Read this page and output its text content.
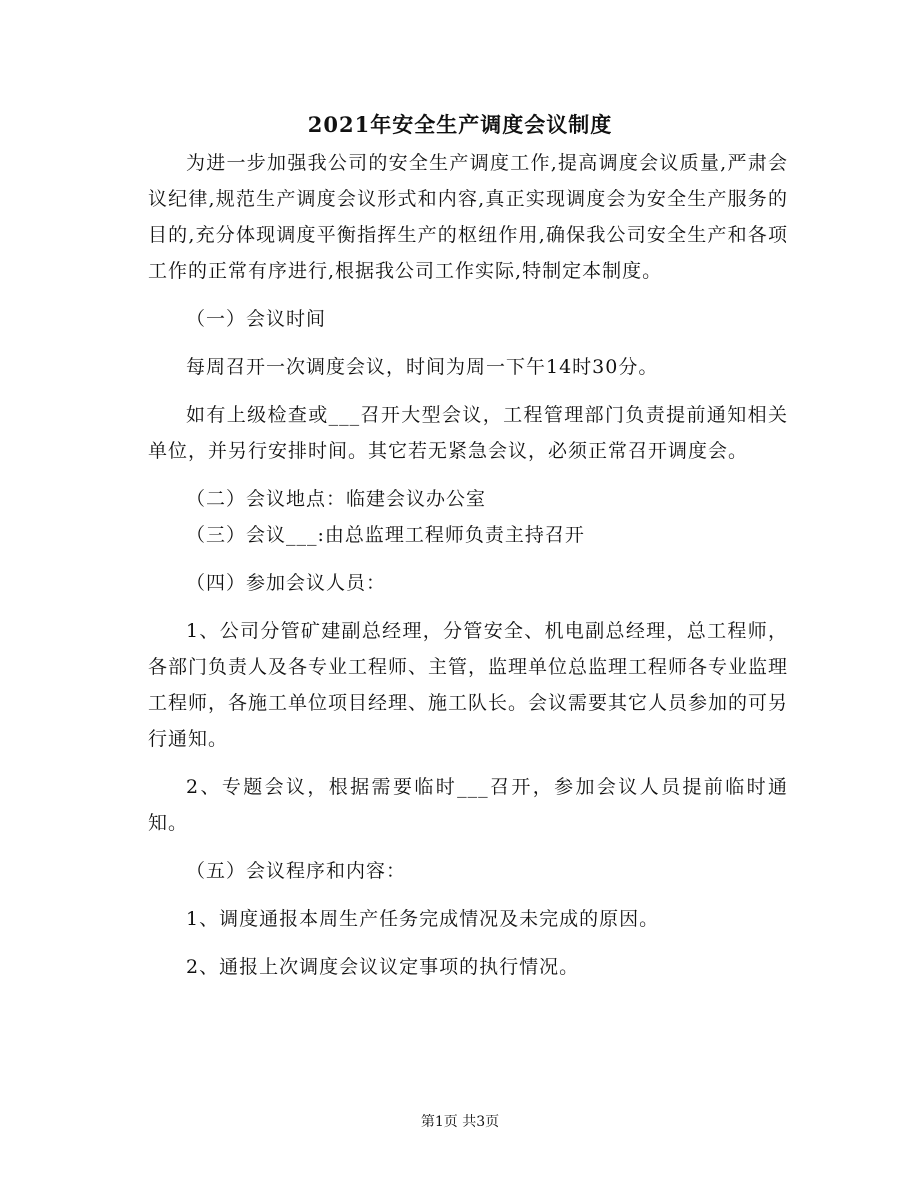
2021年安全生产调度会议制度

为进一步加强我公司的安全生产调度工作,提高调度会议质量,严肃会议纪律,规范生产调度会议形式和内容,真正实现调度会为安全生产服务的目的,充分体现调度平衡指挥生产的枢纽作用,确保我公司安全生产和各项工作的正常有序进行,根据我公司工作实际,特制定本制度。

（一）会议时间

每周召开一次调度会议，时间为周一下午14时30分。

如有上级检查或___召开大型会议，工程管理部门负责提前通知相关单位，并另行安排时间。其它若无紧急会议，必须正常召开调度会。

（二）会议地点：临建会议办公室

（三）会议___:由总监理工程师负责主持召开

（四）参加会议人员：

1、公司分管矿建副总经理，分管安全、机电副总经理，总工程师，各部门负责人及各专业工程师、主管，监理单位总监理工程师各专业监理工程师，各施工单位项目经理、施工队长。会议需要其它人员参加的可另行通知。

2、专题会议，根据需要临时___召开，参加会议人员提前临时通知。

（五）会议程序和内容：

1、调度通报本周生产任务完成情况及未完成的原因。

2、通报上次调度会议议定事项的执行情况。

第1页 共3页
